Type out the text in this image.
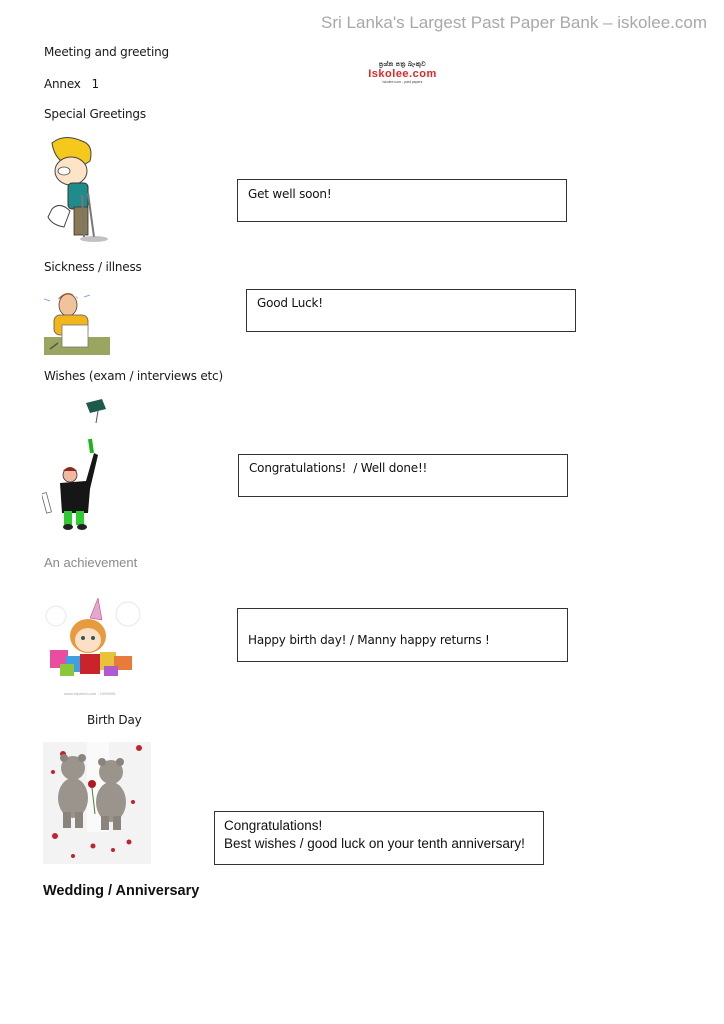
Sri Lanka's Largest Past Paper Bank – iskolee.com
ප්‍රශ්න පත්‍ර බැංකුව
Iskolee.com
iskolee.com - past papers
Meeting and greeting
Annex   1
Special Greetings
Get well soon!
Sickness / illness
Good Luck!
Wishes (exam / interviews etc)
Congratulations!  / Well done!!
An achievement
www.clipartof.com · 1059495
Happy birth day! / Manny happy returns !
Birth Day
Congratulations!
Best wishes / good luck on your tenth anniversary!
Wedding / Anniversary
